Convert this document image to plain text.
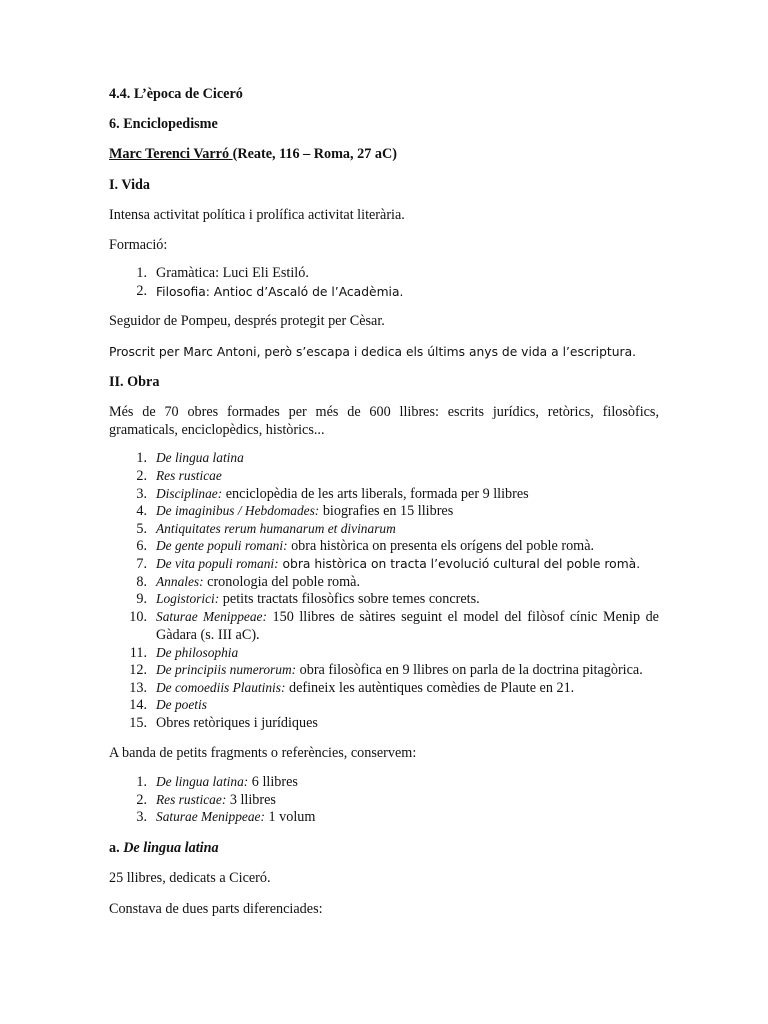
4.4. L’època de Ciceró
6. Enciclopedisme
Marc Terenci Varró (Reate, 116 – Roma, 27 aC)
I. Vida
Intensa activitat política i prolífica activitat literària.
Formació:
1. Gramàtica: Luci Eli Estiló.
2. Filosofia: Antioc d’Ascaló de l’Acadèmia.
Seguidor de Pompeu, després protegit per Cèsar.
Proscrit per Marc Antoni, però s’escapa i dedica els últims anys de vida a l’escriptura.
II. Obra
Més de 70 obres formades per més de 600 llibres: escrits jurídics, retòrics, filosòfics,
gramaticals, enciclopèdics, històrics...
1. De lingua latina
2. Res rusticae
3. Disciplinae: enciclopèdia de les arts liberals, formada per 9 llibres
4. De imaginibus / Hebdomades: biografies en 15 llibres
5. Antiquitates rerum humanarum et divinarum
6. De gente populi romani: obra històrica on presenta els orígens del poble romà.
7. De vita populi romani: obra històrica on tracta l’evolució cultural del poble romà.
8. Annales: cronologia del poble romà.
9. Logistorici: petits tractats filosòfics sobre temes concrets.
10. Saturae Menippeae: 150 llibres de sàtires seguint el model del filòsof cínic Menip de
Gàdara (s. III aC).
11. De philosophia
12. De principiis numerorum: obra filosòfica en 9 llibres on parla de la doctrina pitagòrica.
13. De comoediis Plautinis: defineix les autèntiques comèdies de Plaute en 21.
14. De poetis
15. Obres retòriques i jurídiques
A banda de petits fragments o referències, conservem:
1. De lingua latina: 6 llibres
2. Res rusticae: 3 llibres
3. Saturae Menippeae: 1 volum
a. De lingua latina
25 llibres, dedicats a Ciceró.
Constava de dues parts diferenciades:
